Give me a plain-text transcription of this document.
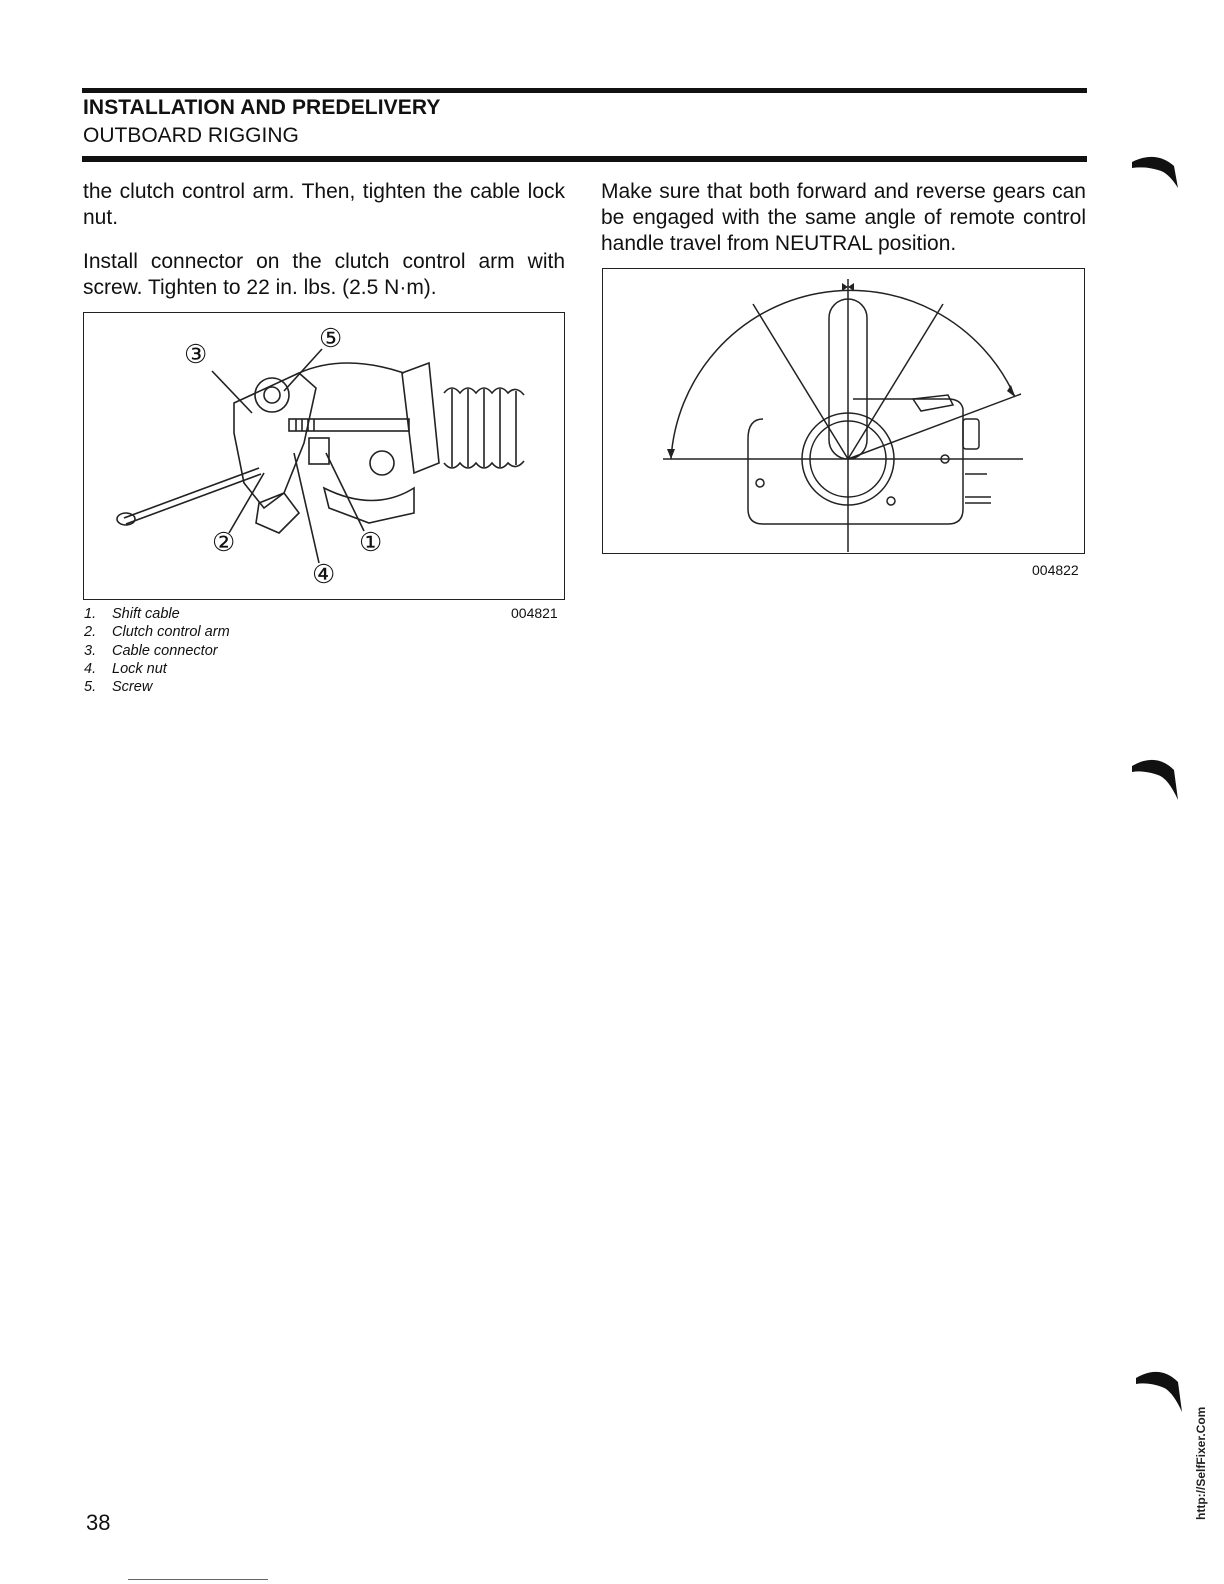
INSTALLATION AND PREDELIVERY
OUTBOARD RIGGING
the clutch control arm. Then, tighten the cable lock nut.
Install connector on the clutch control arm with screw. Tighten to 22 in. lbs. (2.5 N·m).
③
⑤
②	①
④
004821
1.	Shift cable
2.	Clutch control arm
3.	Cable connector
4.	Lock nut
5.	Screw
Make sure that both forward and reverse gears can be engaged with the same angle of remote control handle travel from NEUTRAL position.
004822
38
http://SelfFixer.Com
